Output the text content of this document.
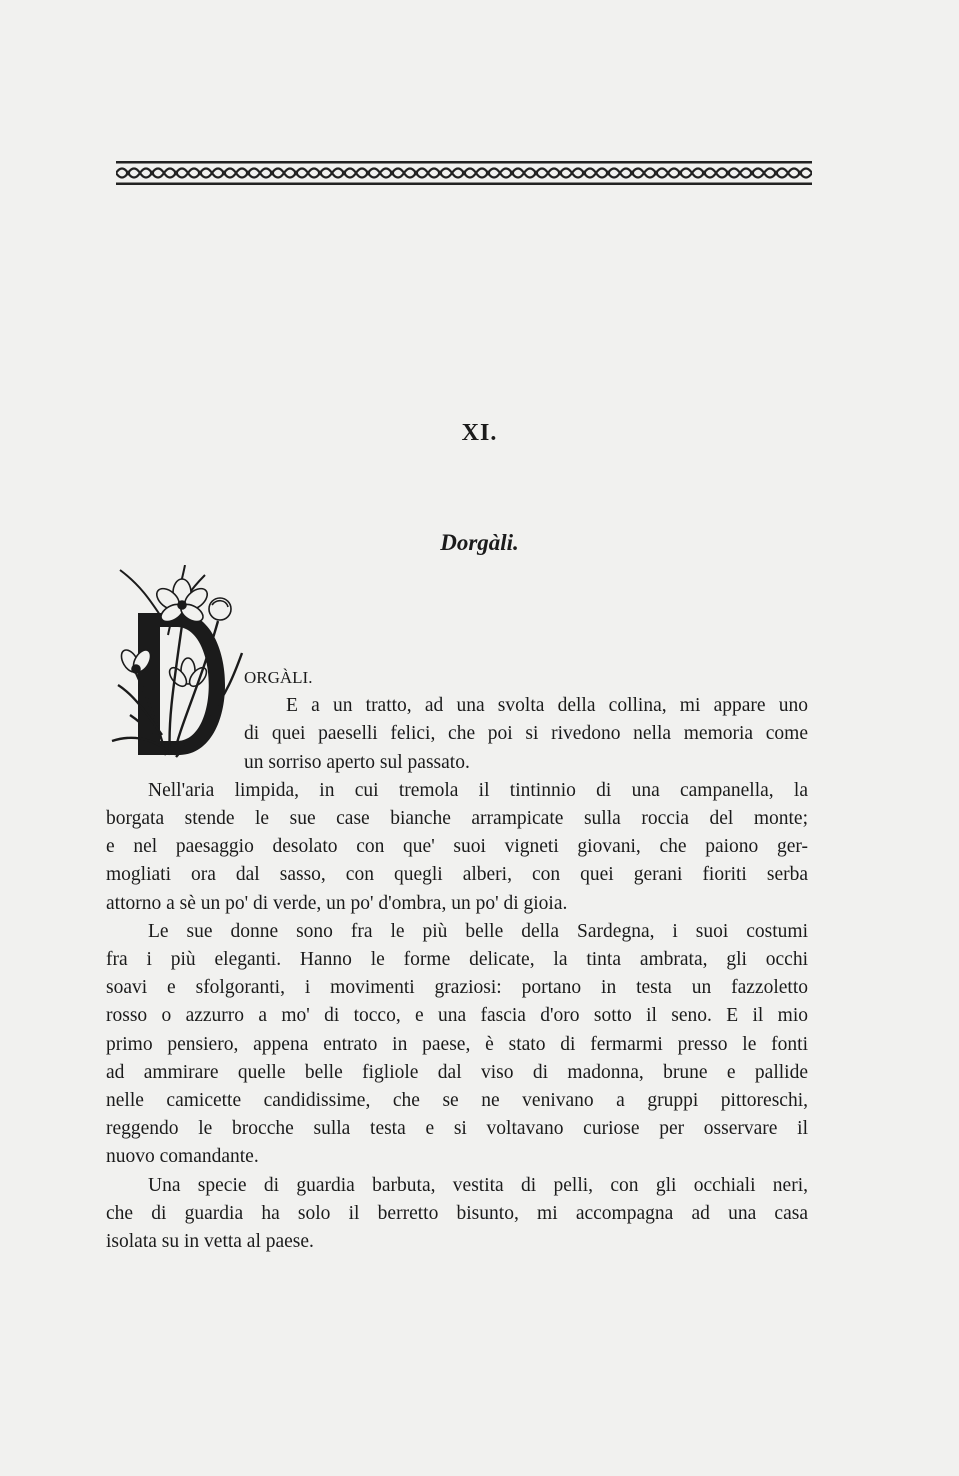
XI.
Dorgàli.
ORGÀLI.
E a un tratto, ad una svolta della collina, mi appare uno
di quei paeselli felici, che poi si rivedono nella memoria come
un sorriso aperto sul passato.
Nell'aria limpida, in cui tremola il tintinnio di una campanella, la
borgata stende le sue case bianche arrampicate sulla roccia del monte;
e nel paesaggio desolato con que' suoi vigneti giovani, che paiono ger-
mogliati ora dal sasso, con quegli alberi, con quei gerani fioriti serba
attorno a sè un po' di verde, un po' d'ombra, un po' di gioia.
Le sue donne sono fra le più belle della Sardegna, i suoi costumi
fra i più eleganti. Hanno le forme delicate, la tinta ambrata, gli occhi
soavi e sfolgoranti, i movimenti graziosi: portano in testa un fazzoletto
rosso o azzurro a mo' di tocco, e una fascia d'oro sotto il seno. E il mio
primo pensiero, appena entrato in paese, è stato di fermarmi presso le fonti
ad ammirare quelle belle figliole dal viso di madonna, brune e pallide
nelle camicette candidissime, che se ne venivano a gruppi pittoreschi,
reggendo le brocche sulla testa e si voltavano curiose per osservare il
nuovo comandante.
Una specie di guardia barbuta, vestita di pelli, con gli occhiali neri,
che di guardia ha solo il berretto bisunto, mi accompagna ad una casa
isolata su in vetta al paese.
